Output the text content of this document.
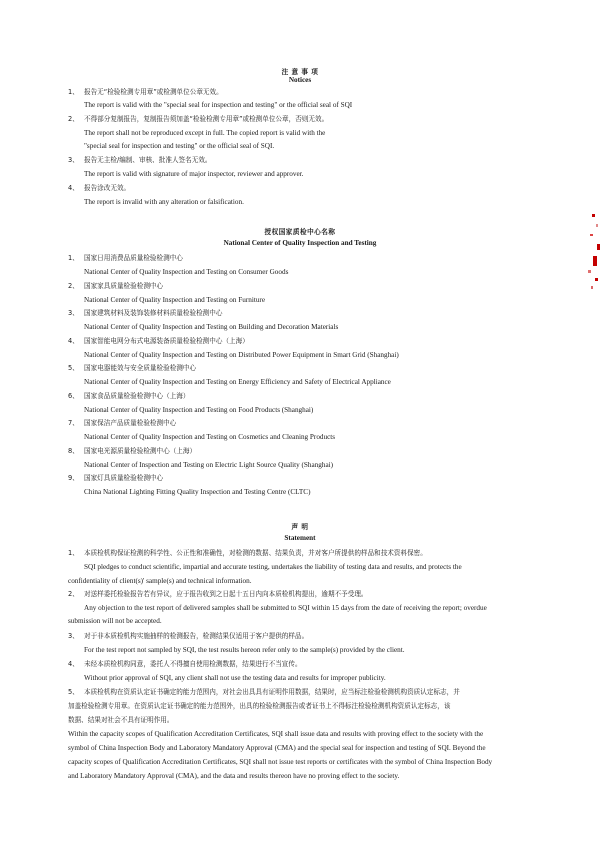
注 意 事 项
Notices
1、 报告无“检验检测专用章”或检测单位公章无效。
The report is valid with the "special seal for inspection and testing" or the official seal of SQI
2、 不得部分复制报告，复制报告须加盖“检验检测专用章”或检测单位公章，否则无效。
The report shall not be reproduced except in full. The copied report is valid with the
"special seal for inspection and testing" or the official seal of SQI.
3、 报告无主检/编制、审核、批准人签名无效。
The report is valid with signature of major inspector, reviewer and approver.
4、 报告涂改无效。
The report is invalid with any alteration or falsification.
授权国家质检中心名称
National Center of Quality Inspection and Testing
1、 国家日用消费品质量检验检测中心
National Center of Quality Inspection and Testing on Consumer Goods
2、 国家家具质量检验检测中心
National Center of Quality Inspection and Testing on Furniture
3、 国家建筑材料及装饰装修材料质量检验检测中心
National Center of Quality Inspection and Testing on Building and Decoration Materials
4、 国家智能电网分布式电源装备质量检验检测中心（上海）
National Center of Quality Inspection and Testing on Distributed Power Equipment in Smart Grid (Shanghai)
5、 国家电器能效与安全质量检验检测中心
National Center of Quality Inspection and Testing on Energy Efficiency and Safety of Electrical Appliance
6、 国家食品质量检验检测中心（上海）
National Center of Quality Inspection and Testing on Food Products (Shanghai)
7、 国家保洁产品质量检验检测中心
National Center of Quality Inspection and Testing on Cosmetics and Cleaning Products
8、 国家电光源质量检验检测中心（上海）
National Center of Inspection and Testing on Electric Light Source Quality (Shanghai)
9、 国家灯具质量检验检测中心
China National Lighting Fitting Quality Inspection and Testing Centre (CLTC)
声 明
Statement
1、 本质检机构保证检测的科学性、公正性和准确性，对检测的数据、结果负责，并对客户所提供的样品和技术资料保密。
SQI pledges to conduct scientific, impartial and accurate testing, undertakes the liability of testing data and results, and protects the
confidentiality of client(s)' sample(s) and technical information.
2、 对送样委托检验报告若有异议，应于报告收到之日起十五日内向本质检机构提出，逾期不予受理。
Any objection to the test report of delivered samples shall be submitted to SQI within 15 days from the date of receiving the report; overdue
submission will not be accepted.
3、 对于非本质检机构实施抽样的检测报告，检测结果仅适用于客户提供的样品。
For the test report not sampled by SQI, the test results hereon refer only to the sample(s) provided by the client.
4、 未经本质检机构同意，委托人不得擅自使用检测数据，结果进行不当宣传。
Without prior approval of SQI, any client shall not use the testing data and results for improper publicity.
5、 本质检机构在资质认定证书确定的能力范围内，对社会出具具有证明作用数据，结果时，应当标注检验检测机构资质认定标志，并
加盖检验检测专用章。在资质认定证书确定的能力范围外，出具的检验检测报告或者证书上不得标注检验检测机构资质认定标志，该
数据、结果对社会不具有证明作用。
Within the capacity scopes of Qualification Accreditation Certificates, SQI shall issue data and results with proving effect to the society with the
symbol of China Inspection Body and Laboratory Mandatory Approval (CMA) and the special seal for inspection and testing of SQI. Beyond the
capacity scopes of Qualification Accreditation Certificates, SQI shall not issue test reports or certificates with the symbol of China Inspection Body
and Laboratory Mandatory Approval (CMA), and the data and results thereon have no proving effect to the society.
